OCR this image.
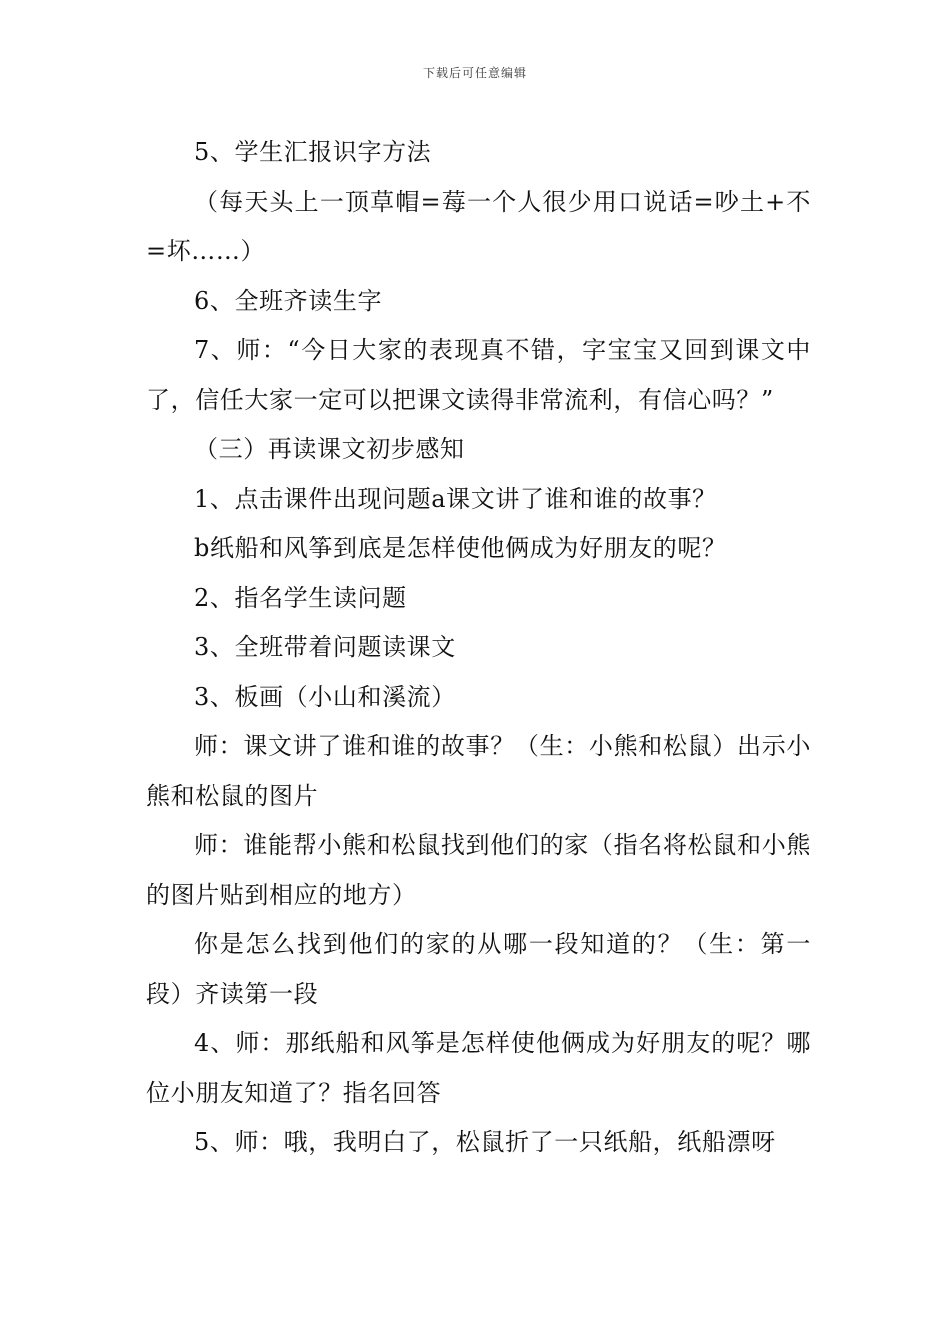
下载后可任意编辑

5、学生汇报识字方法

（每天头上一顶草帽=莓一个人很少用口说话=吵土+不=坏……）

6、全班齐读生字

7、师：“今日大家的表现真不错，字宝宝又回到课文中了，信任大家一定可以把课文读得非常流利，有信心吗？”

（三）再读课文初步感知

1、点击课件出现问题a课文讲了谁和谁的故事？

b纸船和风筝到底是怎样使他俩成为好朋友的呢？

2、指名学生读问题

3、全班带着问题读课文

3、板画（小山和溪流）

师：课文讲了谁和谁的故事？（生：小熊和松鼠）出示小熊和松鼠的图片

师：谁能帮小熊和松鼠找到他们的家（指名将松鼠和小熊的图片贴到相应的地方）

你是怎么找到他们的家的从哪一段知道的？（生：第一段）齐读第一段

4、师：那纸船和风筝是怎样使他俩成为好朋友的呢？哪位小朋友知道了？指名回答

5、师：哦，我明白了，松鼠折了一只纸船，纸船漂呀
